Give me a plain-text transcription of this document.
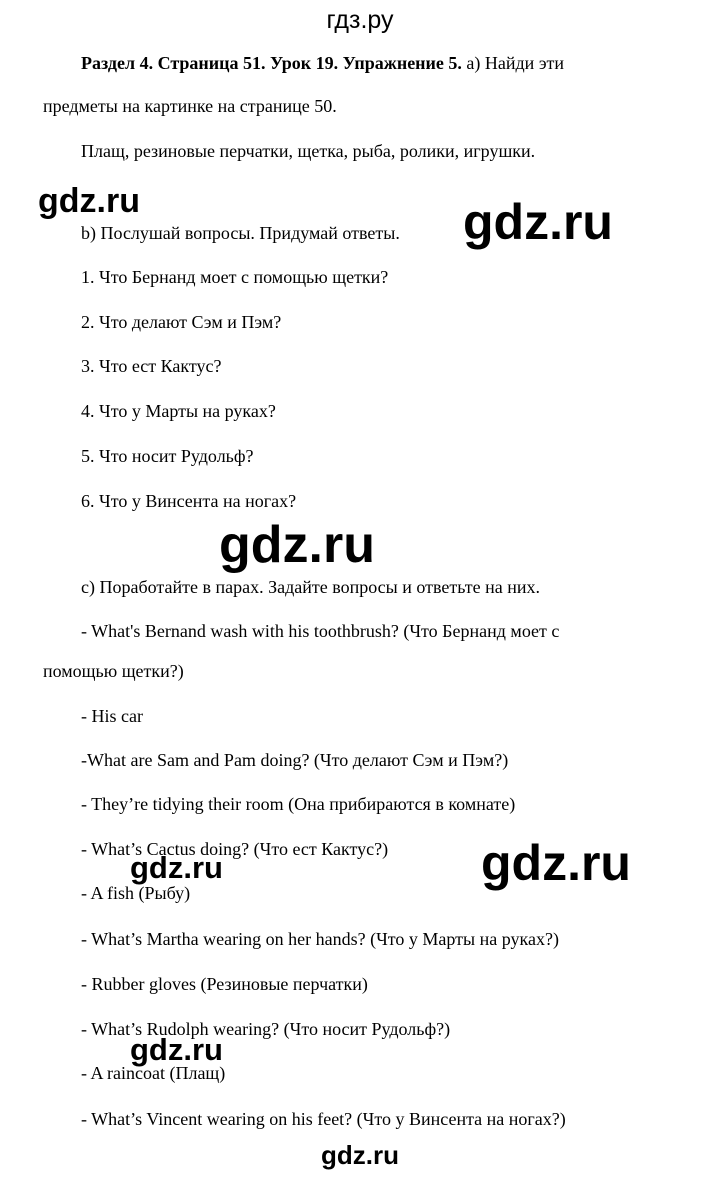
гдз.ру
Раздел 4. Страница 51. Урок 19. Упражнение 5. а) Найди эти
предметы на картинке на странице 50.
Плащ, резиновые перчатки, щетка, рыба, ролики, игрушки.
b) Послушай вопросы. Придумай ответы.
1. Что Бернанд моет с помощью щетки?
2. Что делают Сэм и Пэм?
3. Что ест Кактус?
4. Что у Марты на руках?
5. Что носит Рудольф?
6. Что у Винсента на ногах?
с) Поработайте в парах. Задайте вопросы и ответьте на них.
- What's Bernand wash with his toothbrush? (Что Бернанд моет с
помощью щетки?)
- His car
-What are Sam and Pam doing? (Что делают Сэм и Пэм?)
- They’re tidying their room (Она прибираются в комнате)
- What’s Cactus doing? (Что ест Кактус?)
- A fish (Рыбу)
- What’s Martha wearing on her hands? (Что у Марты на руках?)
- Rubber gloves (Резиновые перчатки)
- What’s Rudolph wearing? (Что носит Рудольф?)
- A raincoat (Плащ)
- What’s Vincent wearing on his feet? (Что у Винсента на ногах?)
gdz.ru	gdz.ru
gdz.ru
gdz.ru	gdz.ru
gdz.ru
gdz.ru
